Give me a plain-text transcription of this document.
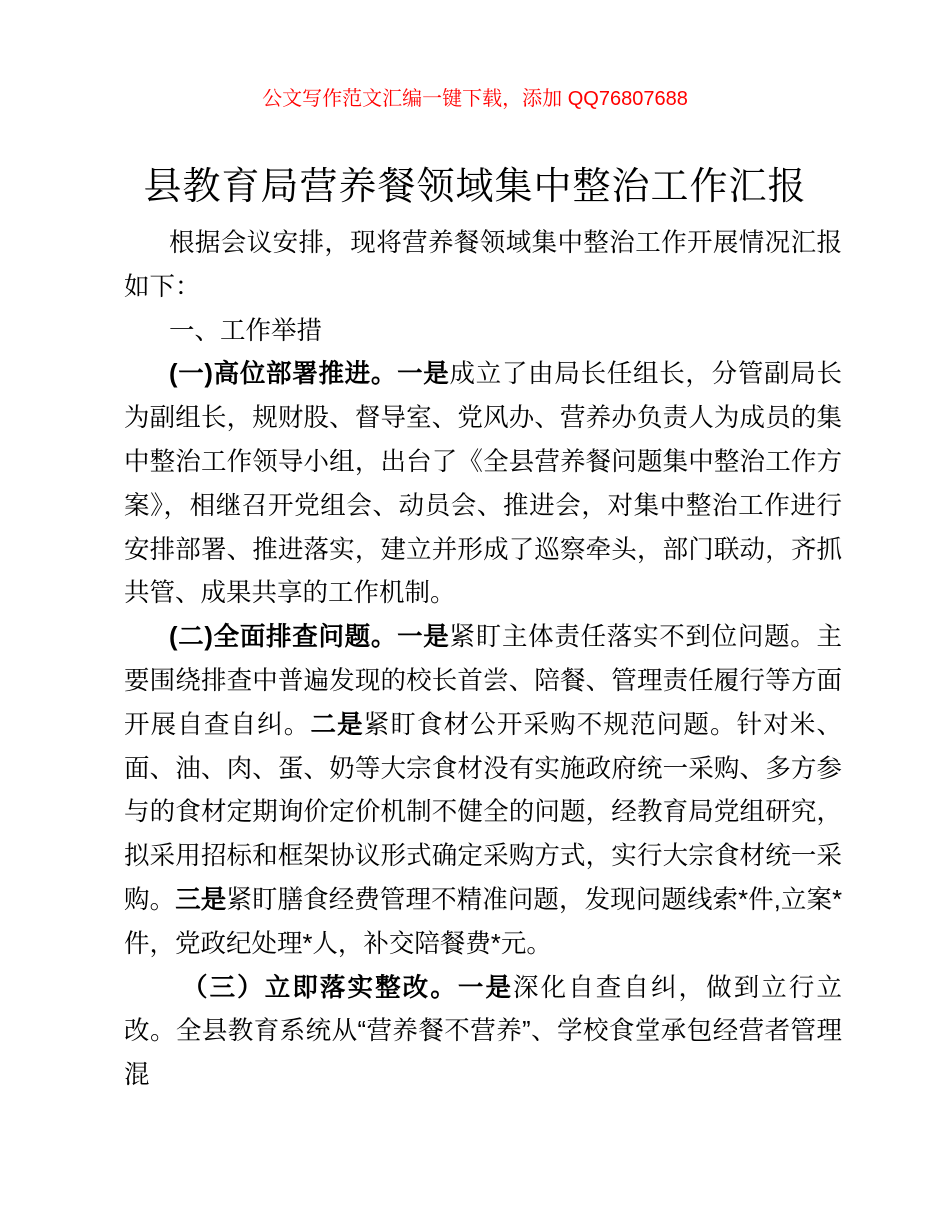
公文写作范文汇编一键下载，添加 QQ76807688

县教育局营养餐领域集中整治工作汇报

根据会议安排，现将营养餐领域集中整治工作开展情况汇报如下：

一、工作举措

(一)高位部署推进。一是成立了由局长任组长，分管副局长为副组长，规财股、督导室、党风办、营养办负责人为成员的集中整治工作领导小组，出台了《全县营养餐问题集中整治工作方案》，相继召开党组会、动员会、推进会，对集中整治工作进行安排部署、推进落实，建立并形成了巡察牵头，部门联动，齐抓共管、成果共享的工作机制。

(二)全面排查问题。一是紧盯主体责任落实不到位问题。主要围绕排查中普遍发现的校长首尝、陪餐、管理责任履行等方面开展自查自纠。二是紧盯食材公开采购不规范问题。针对米、面、油、肉、蛋、奶等大宗食材没有实施政府统一采购、多方参与的食材定期询价定价机制不健全的问题，经教育局党组研究，拟采用招标和框架协议形式确定采购方式，实行大宗食材统一采购。三是紧盯膳食经费管理不精准问题，发现问题线索*件,立案*件，党政纪处理*人，补交陪餐费*元。

（三）立即落实整改。一是深化自查自纠，做到立行立改。全县教育系统从“营养餐不营养”、学校食堂承包经营者管理混
